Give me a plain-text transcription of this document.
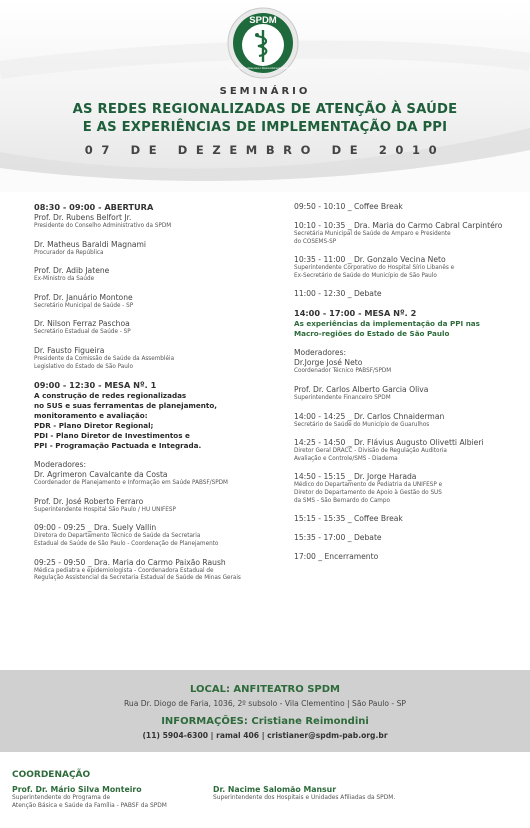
SPDM
Associação Paulista para o Desenvolvimento da Medicina
SEMINÁRIO
AS REDES REGIONALIZADAS DE ATENÇÃO À SAÚDE
E AS EXPERIÊNCIAS DE IMPLEMENTAÇÃO DA PPI
07 DE DEZEMBRO DE 2010
08:30 - 09:00 - ABERTURA
Prof. Dr. Rubens Belfort Jr.
Presidente do Conselho Administrativo da SPDM
Dr. Matheus Baraldi Magnami
Procurador da República
Prof. Dr. Adib Jatene
Ex-Ministro da Saúde
Prof. Dr. Januário Montone
Secretário Municipal de Saúde - SP
Dr. Nilson Ferraz Paschoa
Secretário Estadual de Saúde - SP
Dr. Fausto Figueira
Presidente da Comissão de Saúde da Assembléia
Legislativo do Estado de São Paulo
09:00 - 12:30 - MESA Nº. 1
A construção de redes regionalizadas
no SUS e suas ferramentas de planejamento,
monitoramento e avaliação:
PDR - Plano Diretor Regional;
PDI - Plano Diretor de Investimentos e
PPI - Programação Pactuada e Integrada.
Moderadores:
Dr. Agrimeron Cavalcante da Costa
Coordenador de Planejamento e Informação em Saúde PABSF/SPDM
Prof. Dr. José Roberto Ferraro
Superintendente Hospital São Paulo / HU UNIFESP
09:00 - 09:25 _ Dra. Suely Vallin
Diretora do Departamento Técnico de Saúde da Secretaria
Estadual de Saúde de São Paulo - Coordenação de Planejamento
09:25 - 09:50 _ Dra. Maria do Carmo Paixão Raush
Médica pediatra e epidemiologista - Coordenadora Estadual de
Regulação Assistencial da Secretaria Estadual de Saúde de Minas Gerais
09:50 - 10:10 _ Coffee Break
10:10 - 10:35 _ Dra. Maria do Carmo Cabral Carpintéro
Secretária Municipal de Saúde de Amparo e Presidente
do COSEMS-SP
10:35 - 11:00 _ Dr. Gonzalo Vecina Neto
Superintendente Corporativo do Hospital Sírio Libanês e
Ex-Secretário de Saúde do Município de São Paulo
11:00 - 12:30 _ Debate
14:00 - 17:00 - MESA Nº. 2
As experiências da implementação da PPI nas
Macro-regiões do Estado de São Paulo
Moderadores:
Dr.Jorge José Neto
Coordenador Técnico PABSF/SPDM
Prof. Dr. Carlos Alberto Garcia Oliva
Superintendente Financeiro SPDM
14:00 - 14:25 _ Dr. Carlos Chnaiderman
Secretário de Saúde do Município de Guarulhos
14:25 - 14:50 _ Dr. Flávius Augusto Olivetti Albieri
Diretor Geral DRACC - Divisão de Regulação Auditoria
Avaliação e Controle/SMS - Diadema
14:50 - 15:15 _ Dr. Jorge Harada
Médico do Departamento de Pediatria da UNIFESP e
Diretor do Departamento de Apoio à Gestão do SUS
da SMS - São Bernardo do Campo
15:15 - 15:35 _ Coffee Break
15:35 - 17:00 _ Debate
17:00 _ Encerramento
LOCAL: ANFITEATRO SPDM
Rua Dr. Diogo de Faria, 1036, 2º subsolo - Vila Clementino | São Paulo - SP
INFORMAÇÕES: Cristiane Reimondini
(11) 5904-6300 | ramal 406 | cristianer@spdm-pab.org.br
COORDENAÇÃO
Prof. Dr. Mário Silva Monteiro
Superintendente do Programa de
Atenção Básica e Saúde da Família - PABSF da SPDM
Dr. Nacime Salomão Mansur
Superintendente dos Hospitais e Unidades Afiliadas da SPDM.
